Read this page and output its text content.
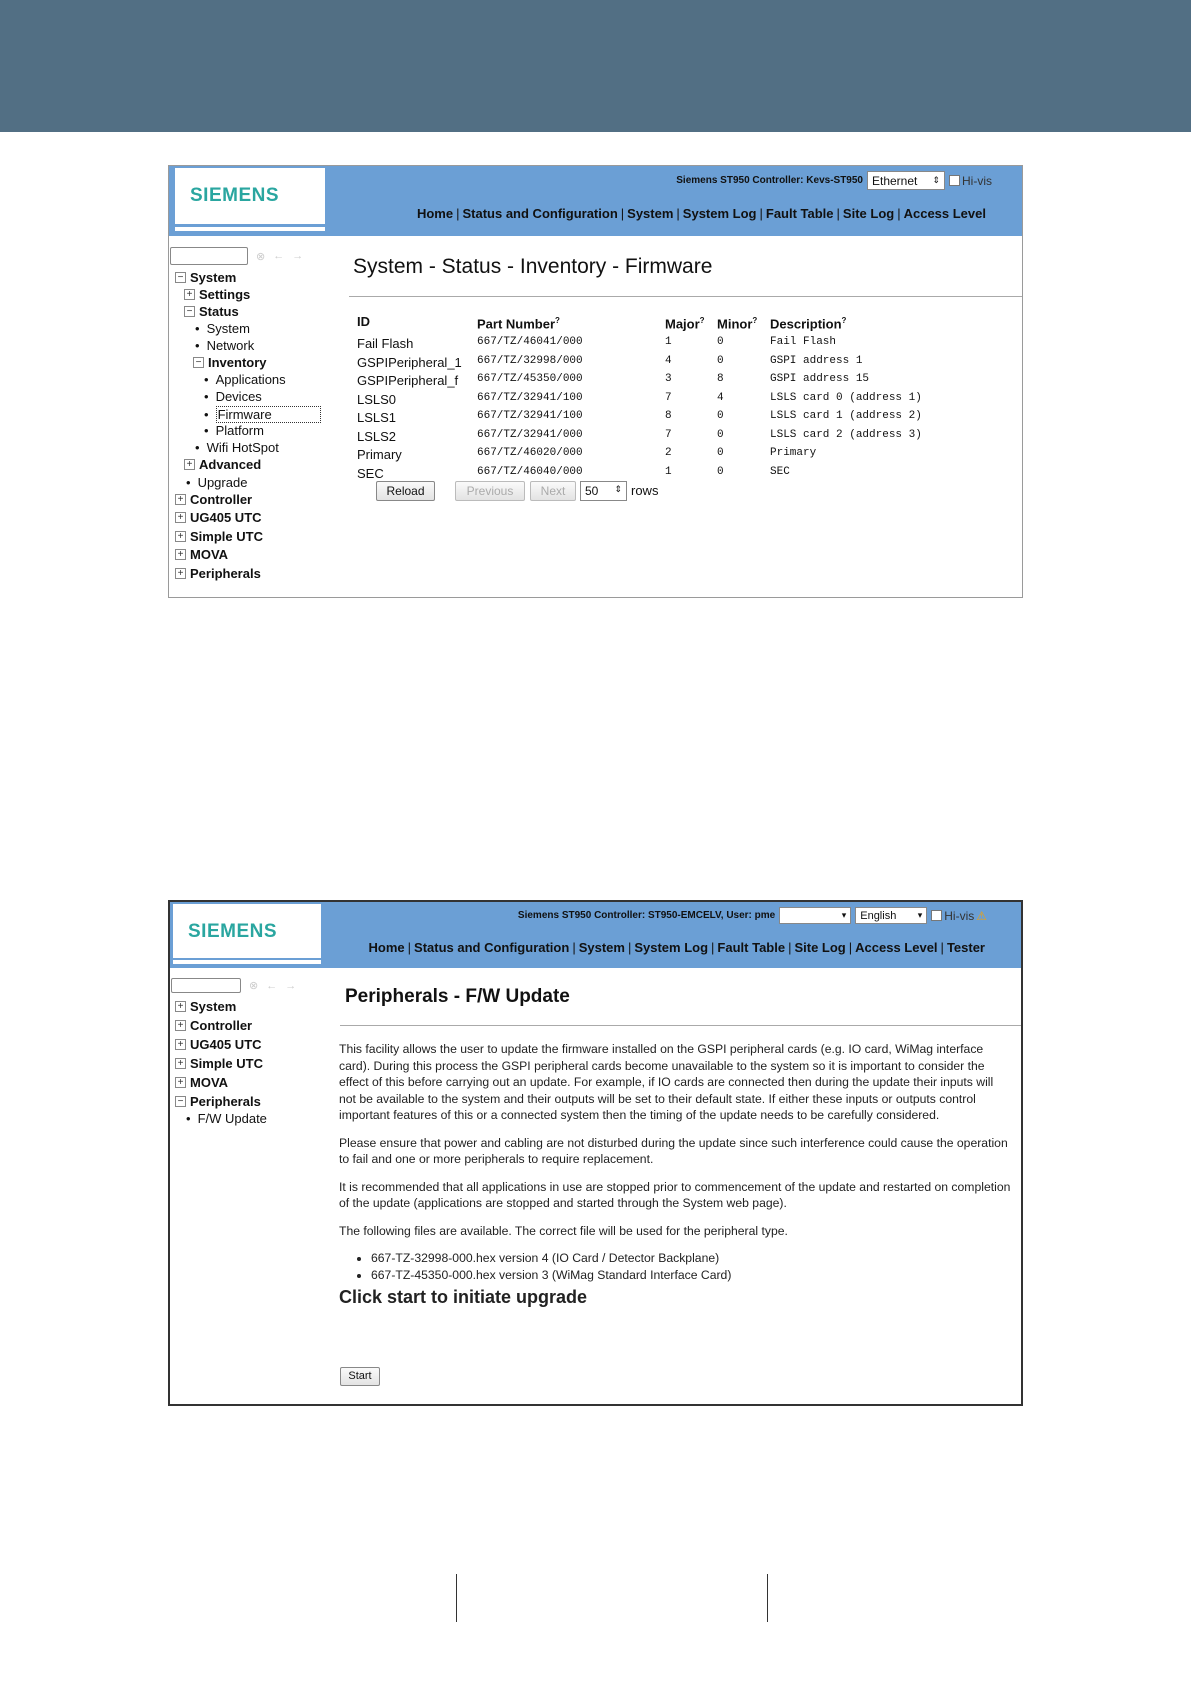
SIEMENS
Siemens ST950 Controller: Kevs-ST950 Ethernet ⇕ Hi-vis
Home | Status and Configuration | System | System Log | Fault Table | Site Log | Access Level
⊗ ← →
− System
+ Settings
− Status
• System
• Network
− Inventory
• Applications
• Devices
• Firmware
• Platform
• Wifi HotSpot
+ Advanced
• Upgrade
+ Controller
+ UG405 UTC
+ Simple UTC
+ MOVA
+ Peripherals
System - Status - Inventory - Firmware
ID	Part Number?	Major? Minor? Description?
Fail Flash	667/TZ/46041/000	1	0	Fail Flash
GSPIPeripheral_1 667/TZ/32998/000	4	0	GSPI address 1
GSPIPeripheral_f 667/TZ/45350/000	3	8	GSPI address 15
LSLS0	667/TZ/32941/100	7	4	LSLS card 0 (address 1)
LSLS1	667/TZ/32941/100	8	0	LSLS card 1 (address 2)
LSLS2	667/TZ/32941/000	7	0	LSLS card 2 (address 3)
Primary	667/TZ/46020/000	2	0	Primary
SEC	667/TZ/46040/000	1	0	SEC
Reload	Previous	Next	50 ⇕ rows
SIEMENS
Siemens ST950 Controller: ST950-EMCELV, User: pme	▾ English ▾ Hi-vis ⚠
Home | Status and Configuration | System | System Log | Fault Table | Site Log | Access Level | Tester
⊗ ← →
+ System
+ Controller
+ UG405 UTC
+ Simple UTC
+ MOVA
− Peripherals
• F/W Update
Peripherals - F/W Update

This facility allows the user to update the firmware installed on the GSPI peripheral cards (e.g. IO card, WiMag interface card). During this process the GSPI peripheral cards become unavailable to the system so it is important to consider the effect of this before carrying out an update. For example, if IO cards are connected then during the update their inputs will not be available to the system and their outputs will be set to their default state. If either these inputs or outputs control important features of this or a connected system then the timing of the update needs to be carefully considered.

Please ensure that power and cabling are not disturbed during the update since such interference could cause the operation to fail and one or more peripherals to require replacement.

It is recommended that all applications in use are stopped prior to commencement of the update and restarted on completion of the update (applications are stopped and started through the System web page).

The following files are available. The correct file will be used for the peripheral type.

• 667-TZ-32998-000.hex version 4 (IO Card / Detector Backplane)
• 667-TZ-45350-000.hex version 3 (WiMag Standard Interface Card)
Click start to initiate upgrade
Start
